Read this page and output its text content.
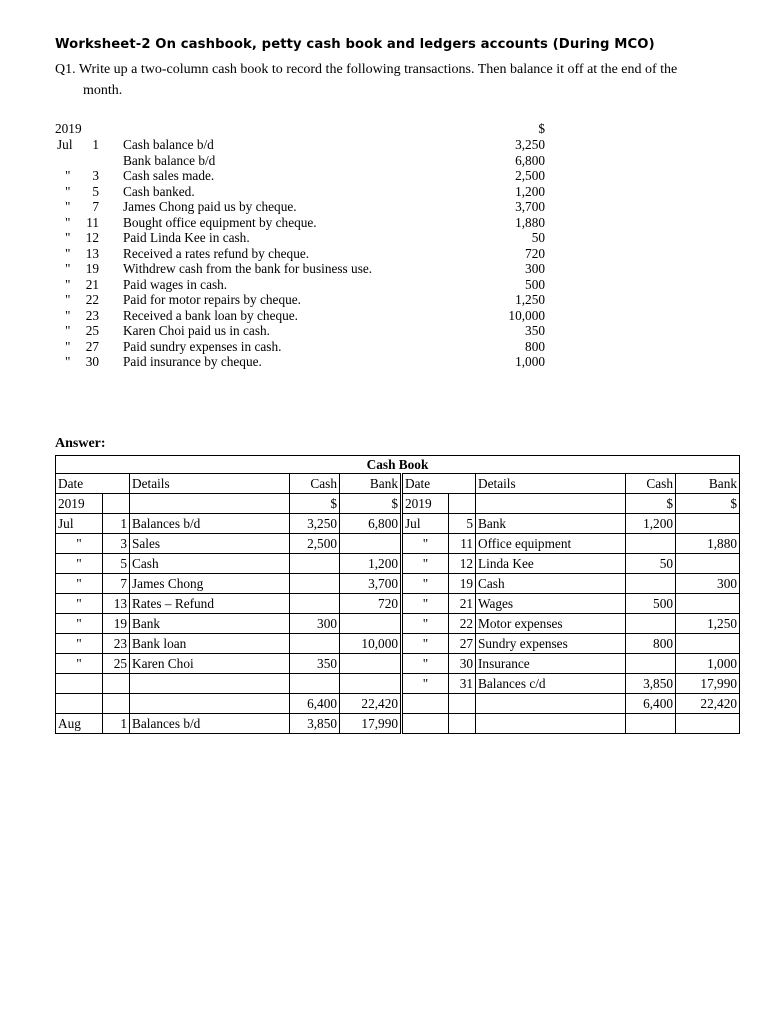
Worksheet-2 On cashbook, petty cash book and ledgers accounts (During MCO)
Q1. Write up a two-column cash book to record the following transactions. Then balance it off at the end of the
month.
2019	$
Jul	1 Cash balance b/d	3,250
Bank balance b/d	6,800
"	3 Cash sales made.	2,500
"	5 Cash banked.	1,200
"	7 James Chong paid us by cheque.	3,700
"	11 Bought office equipment by cheque.	1,880
"	12 Paid Linda Kee in cash.	50
"	13 Received a rates refund by cheque.	720
"	19 Withdrew cash from the bank for business use.	300
"	21 Paid wages in cash.	500
"	22 Paid for motor repairs by cheque.	1,250
"	23 Received a bank loan by cheque.	10,000
"	25 Karen Choi paid us in cash.	350
"	27 Paid sundry expenses in cash.	800
"	30 Paid insurance by cheque.	1,000
Answer:
Cash Book									
Date		Details	Cash	Bank	Date		Details	Cash	Bank
2019			$	$	2019			$	$
Jul	1	Balances b/d	3,250	6,800	Jul	5	Bank	1,200	
"	3	Sales	2,500		"	11	Office equipment		1,880
"	5	Cash		1,200	"	12	Linda Kee	50	
"	7	James Chong		3,700	"	19	Cash		300
"	13	Rates – Refund		720	"	21	Wages	500	
"	19	Bank	300		"	22	Motor expenses		1,250
"	23	Bank loan		10,000	"	27	Sundry expenses	800	
"	25	Karen Choi	350		"	30	Insurance		1,000
					"	31	Balances c/d	3,850	17,990
			6,400	22,420				6,400	22,420
Aug	1	Balances b/d	3,850	17,990					
